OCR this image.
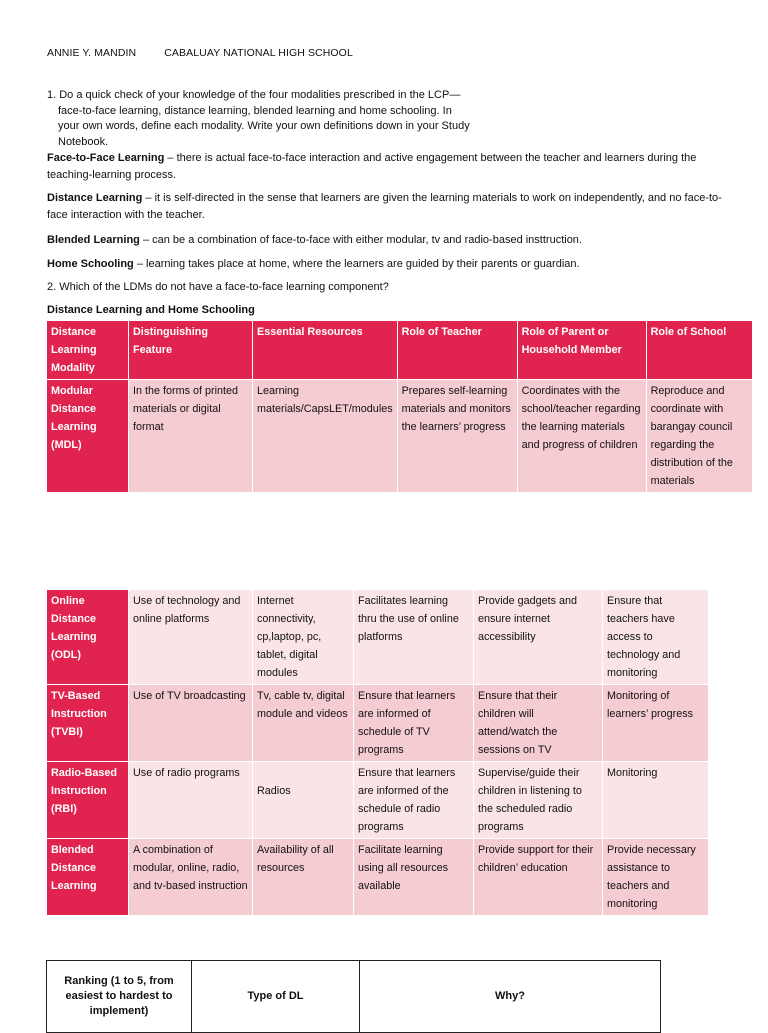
ANNIE Y. MANDIN	CABALUAY NATIONAL HIGH SCHOOL
1. Do a quick check of your knowledge of the four modalities prescribed in the LCP—
face-to-face learning, distance learning, blended learning and home schooling. In
your own words, define each modality. Write your own definitions down in your Study
Notebook.
Face-to-Face Learning – there is actual face-to-face interaction and active engagement between the teacher and learners during the teaching-learning process.
Distance Learning – it is self-directed in the sense that learners are given the learning materials to work on independently, and no face-to-face interaction with the teacher.
Blended Learning – can be a combination of face-to-face with either modular, tv and radio-based insttruction.
Home Schooling – learning takes place at home, where the learners are guided by their parents or guardian.
2. Which of the LDMs do not have a face-to-face learning component?
Distance Learning and Home Schooling
Distance Learning Modality	Distinguishing Feature	Essential Resources	Role of Teacher	Role of Parent or Household Member	Role of School
Modular Distance Learning (MDL)	In the forms of printed materials or digital format	Learning materials/CapsLET/modules	Prepares self-learning materials and monitors the learners’ progress	Coordinates with the school/teacher regarding the learning materials and progress of children	Reproduce and coordinate with barangay council regarding the distribution of the materials
Online Distance Learning (ODL)	Use of technology and online platforms	Internet connectivity, cp,laptop, pc, tablet, digital modules	Facilitates learning thru the use of online platforms	Provide gadgets and ensure internet accessibility	Ensure that teachers have access to technology and monitoring
TV-Based Instruction (TVBI)	Use of TV broadcasting	Tv, cable tv, digital module and videos	Ensure that learners are informed of schedule of TV programs	Ensure that their children will attend/watch the sessions on TV	Monitoring of learners’ progress
Radio-Based Instruction (RBI)	Use of radio programs	Radios	Ensure that learners are informed of the schedule of radio programs	Supervise/guide their children in listening to the scheduled radio programs	Monitoring
Blended Distance Learning	A combination of modular, online, radio, and tv-based instruction	Availability of all resources	Facilitate learning using all resources available	Provide support for their children’ education	Provide necessary assistance to teachers and monitoring
Ranking (1 to 5, from easiest to hardest to implement)	Type of DL	Why?
